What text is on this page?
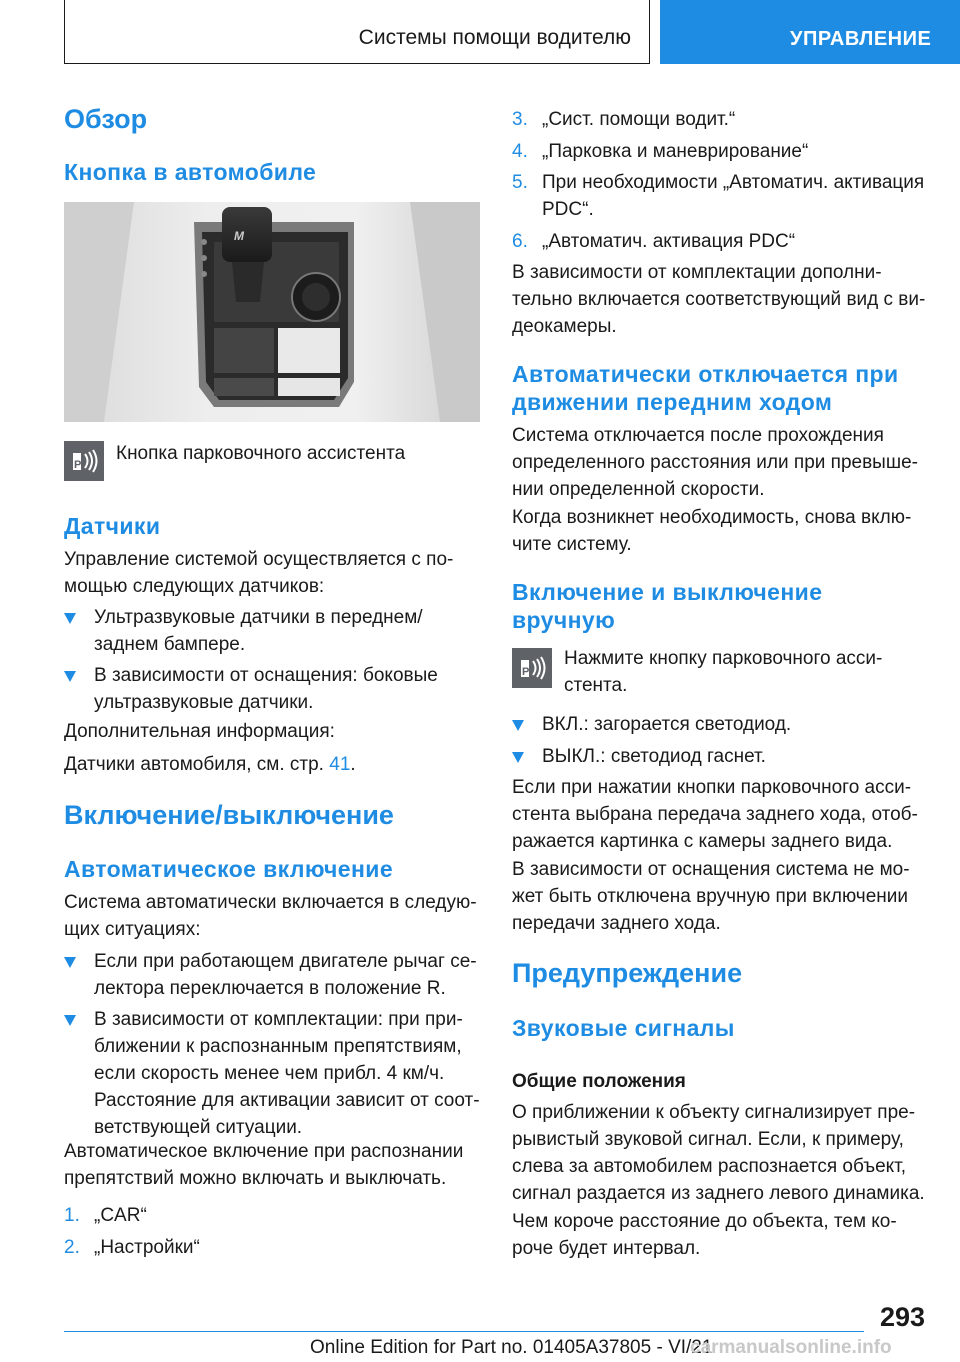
Системы помощи водителю	УПРАВЛЕНИЕ
Обзор
Кнопка в автомобиле
M
P
Кнопка парковочного ассистента
Датчики
Управление системой осуществляется с по-
мощью следующих датчиков:
Ультразвуковые датчики в переднем/
заднем бампере.
В зависимости от оснащения: боковые
ультразвуковые датчики.
Дополнительная информация:
Датчики автомобиля, см. стр. 41.
Включение/выключение
Автоматическое включение
Система автоматически включается в следую-
щих ситуациях:
Если при работающем двигателе рычаг се-
лектора переключается в положение R.
В зависимости от комплектации: при при-
ближении к распознанным препятствиям,
если скорость менее чем прибл. 4 км/ч.
Расстояние для активации зависит от соот-
ветствующей ситуации.
Автоматическое включение при распознании
препятствий можно включать и выключать.
1. „CAR“
2. „Настройки“
3. „Сист. помощи водит.“
4. „Парковка и маневрирование“
5. При необходимости „Автоматич. активация
PDC“.
6. „Автоматич. активация PDC“
В зависимости от комплектации дополни-
тельно включается соответствующий вид с ви-
деокамеры.
Автоматически отключается при
движении передним ходом
Система отключается после прохождения
определенного расстояния или при превыше-
нии определенной скорости.
Когда возникнет необходимость, снова вклю-
чите систему.
Включение и выключение
вручную
P
Нажмите кнопку парковочного асси-
стента.
ВКЛ.: загорается светодиод.
ВЫКЛ.: светодиод гаснет.
Если при нажатии кнопки парковочного асси-
стента выбрана передача заднего хода, отоб-
ражается картинка с камеры заднего вида.
В зависимости от оснащения система не мо-
жет быть отключена вручную при включении
передачи заднего хода.
Предупреждение
Звуковые сигналы
Общие положения
О приближении к объекту сигнализирует пре-
рывистый звуковой сигнал. Если, к примеру,
слева за автомобилем распознается объект,
сигнал раздается из заднего левого динамика.
Чем короче расстояние до объекта, тем ко-
роче будет интервал.
293
Online Edition for Part no. 01405A37805 - VI/21
carmanualsonline.info
